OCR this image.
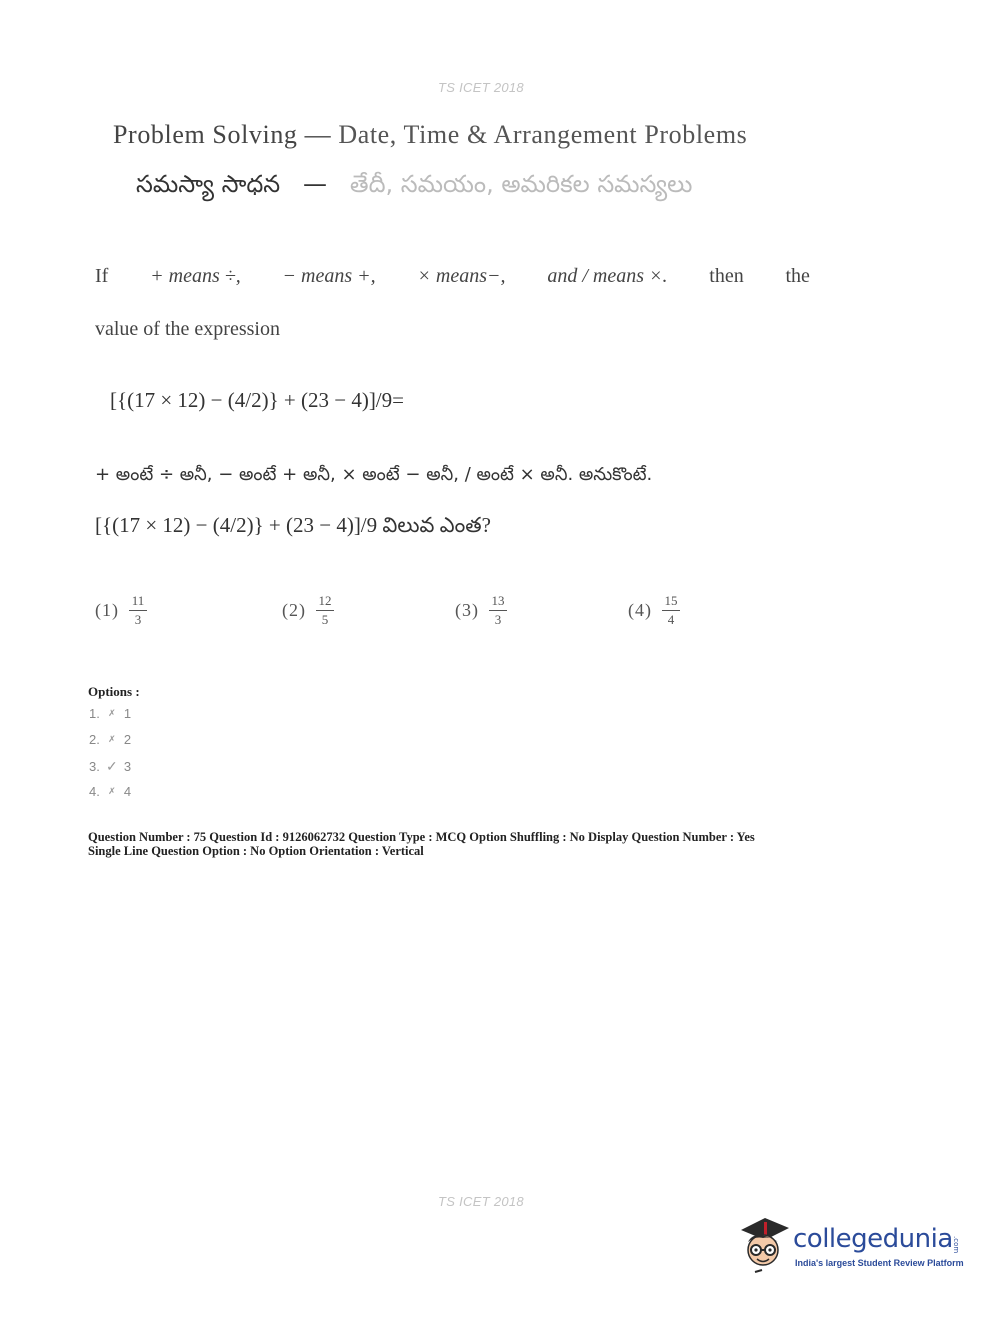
TS ICET 2018
Problem Solving — Date, Time & Arrangement Problems
సమస్యా సాధన — తేదీ, సమయం, అమరికల సమస్యలు
If + means ÷, − means +, × means−, and / means ×. then the
value of the expression
[{(17 × 12) − (4/2)} + (23 − 4)]/9=
+ అంటే ÷ అనీ, − అంటే + అనీ, × అంటే − అనీ, / అంటే × అనీ. అనుకొంటే.
[{(17 × 12) − (4/2)} + (23 − 4)]/9 విలువ ఎంత?
$(1) \frac{11}{3}$	$(2) \frac{12}{5}$	$(3) \frac{13}{3}$	$(4) \frac{15}{4}$
Options :
1. ✗ 1
2. ✗ 2
3. ✓ 3
4. ✗ 4
Question Number : 75 Question Id : 9126062732 Question Type : MCQ Option Shuffling : No Display Question Number : Yes
Single Line Question Option : No Option Orientation : Vertical
TS ICET 2018
collegedunia .com
India's largest Student Review Platform
